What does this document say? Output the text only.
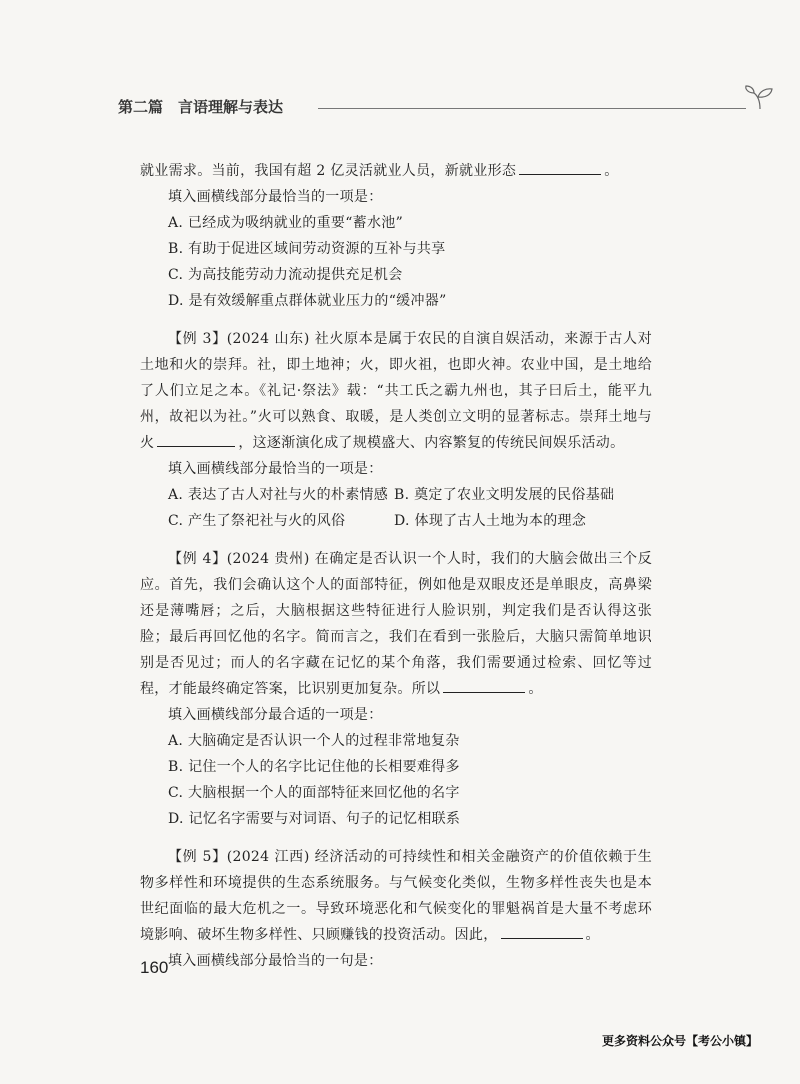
第二篇　言语理解与表达

就业需求。当前，我国有超 2 亿灵活就业人员，新就业形态	。

填入画横线部分最恰当的一项是：

A. 已经成为吸纳就业的重要“蓄水池”

B. 有助于促进区域间劳动资源的互补与共享

C. 为高技能劳动力流动提供充足机会

D. 是有效缓解重点群体就业压力的“缓冲器”

【例 3】(2024 山东) 社火原本是属于农民的自演自娱活动，来源于古人对土地和火的崇拜。社，即土地神；火，即火祖，也即火神。农业中国，是土地给了人们立足之本。《礼记·祭法》载：“共工氏之霸九州也，其子曰后土，能平九州，故祀以为社。”火可以熟食、取暖，是人类创立文明的显著标志。崇拜土地与火	，这逐渐演化成了规模盛大、内容繁复的传统民间娱乐活动。

填入画横线部分最恰当的一项是：

A. 表达了古人对社与火的朴素情感 B. 奠定了农业文明发展的民俗基础
C. 产生了祭祀社与火的风俗	D. 体现了古人土地为本的理念

【例 4】(2024 贵州) 在确定是否认识一个人时，我们的大脑会做出三个反应。首先，我们会确认这个人的面部特征，例如他是双眼皮还是单眼皮，高鼻梁还是薄嘴唇；之后，大脑根据这些特征进行人脸识别，判定我们是否认得这张脸；最后再回忆他的名字。简而言之，我们在看到一张脸后，大脑只需简单地识别是否见过；而人的名字藏在记忆的某个角落，我们需要通过检索、回忆等过程，才能最终确定答案，比识别更加复杂。所以	。

填入画横线部分最合适的一项是：

A. 大脑确定是否认识一个人的过程非常地复杂

B. 记住一个人的名字比记住他的长相要难得多

C. 大脑根据一个人的面部特征来回忆他的名字

D. 记忆名字需要与对词语、句子的记忆相联系

【例 5】(2024 江西) 经济活动的可持续性和相关金融资产的价值依赖于生物多样性和环境提供的生态系统服务。与气候变化类似，生物多样性丧失也是本世纪面临的最大危机之一。导致环境恶化和气候变化的罪魁祸首是大量不考虑环境影响、破坏生物多样性、只顾赚钱的投资活动。因此，	。

填入画横线部分最恰当的一句是：

160
更多资料公众号【考公小镇】
